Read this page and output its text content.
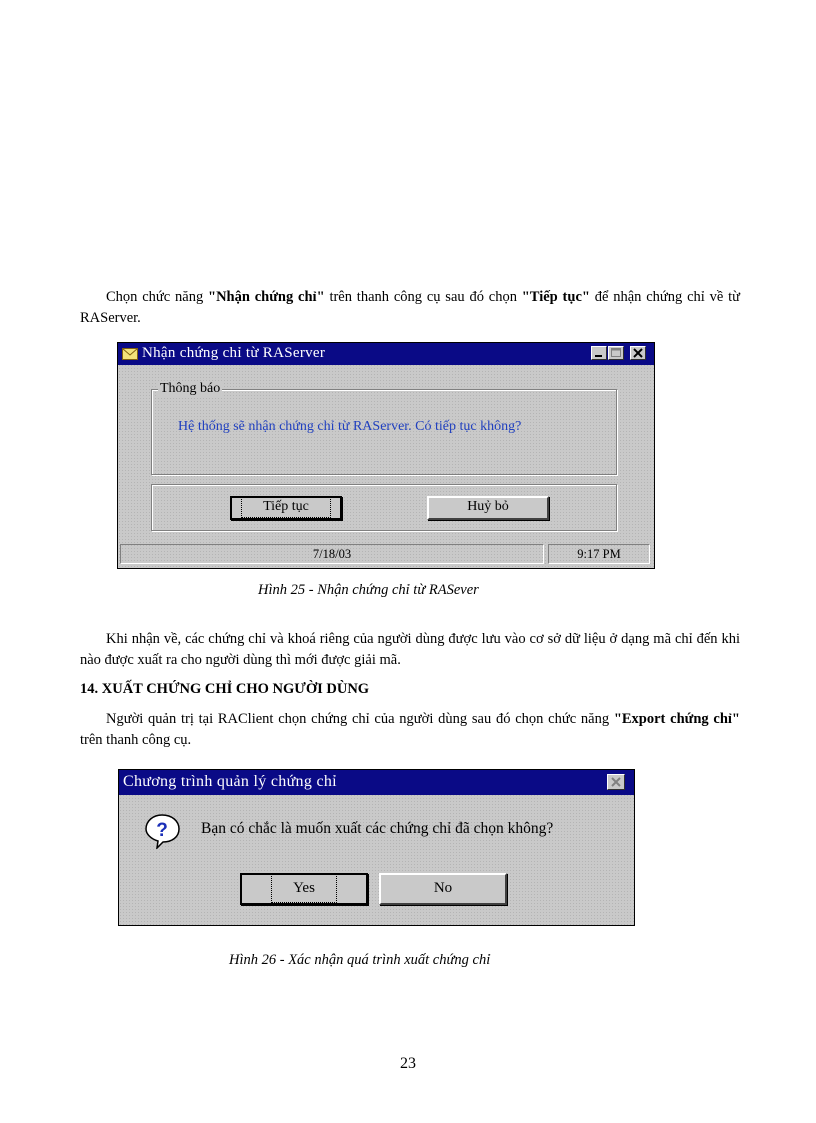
Chọn chức năng "Nhận chứng chỉ" trên thanh công cụ sau đó chọn "Tiếp tục" để nhận chứng chỉ về từ RAServer.

Nhận chứng chỉ từ RAServer
Thông báo
Hệ thống sẽ nhận chứng chỉ từ RAServer. Có tiếp tục không?
Tiếp tục	Huỷ bỏ
7/18/03	9:17 PM

Hình 25 - Nhận chứng chỉ từ RASever

Khi nhận về, các chứng chỉ và khoá riêng của người dùng được lưu vào cơ sở dữ liệu ở dạng mã chỉ đến khi nào được xuất ra cho người dùng thì mới được giải mã.

14. XUẤT CHỨNG CHỈ CHO NGƯỜI DÙNG

Người quản trị tại RAClient chọn chứng chỉ của người dùng sau đó chọn chức năng "Export chứng chỉ" trên thanh công cụ.

Chương trình quản lý chứng chỉ
? Bạn có chắc là muốn xuất các chứng chỉ đã chọn không?
Yes	No

Hình 26 - Xác nhận quá trình xuất chứng chỉ

23
